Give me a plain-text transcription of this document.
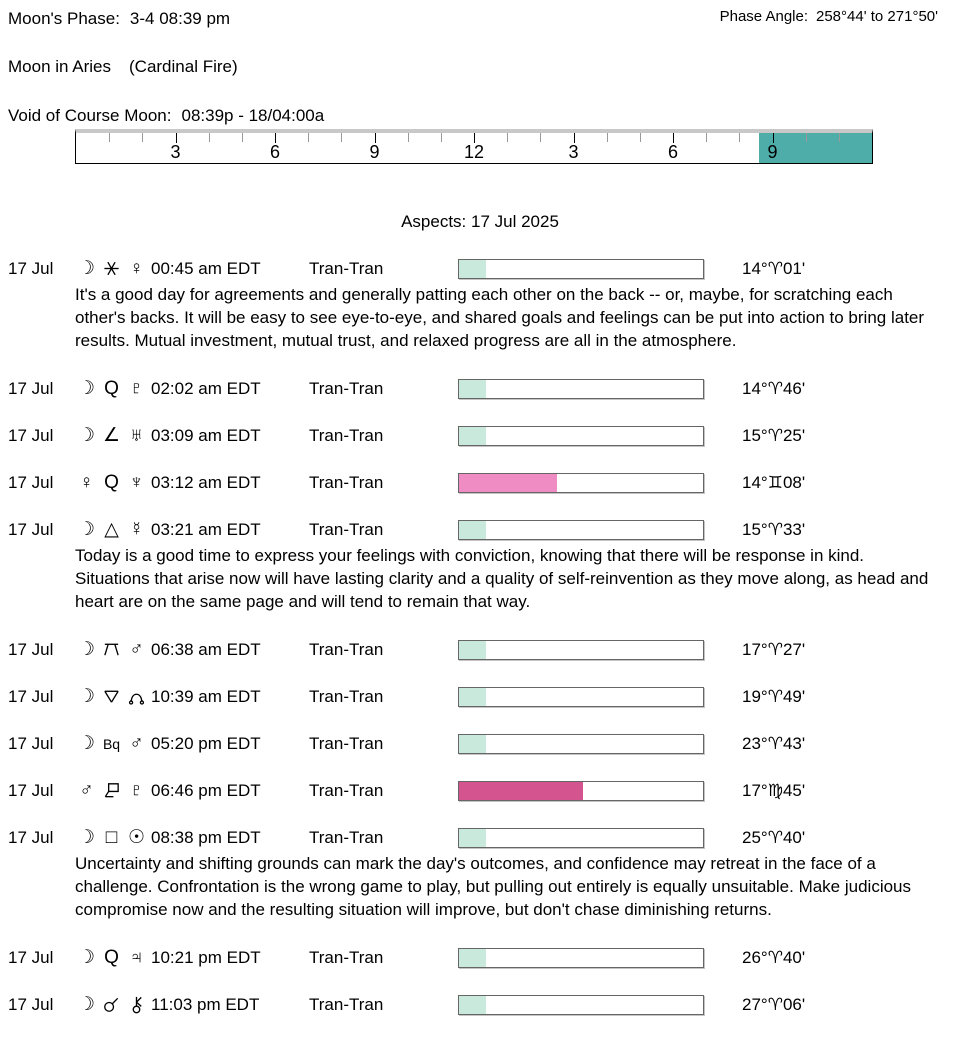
Moon's Phase: 3-4 08:39 pm	Phase Angle: 258°44' to 271°50'
Moon in Aries (Cardinal Fire)
Void of Course Moon: 08:39p - 18/04:00a
3	6	9	12	3	6	9
Aspects: 17 Jul 2025
17 Jul	☽ ♀ 00:45 am EDT	Tran-Tran	14°♈01'
It's a good day for agreements and generally patting each other on the back -- or, maybe, for scratching each other's backs. It will be easy to see eye-to-eye, and shared goals and feelings can be put into action to bring later results. Mutual investment, mutual trust, and relaxed progress are all in the atmosphere.
17 Jul	☽ Q ♇ 02:02 am EDT	Tran-Tran	14°♈46'
17 Jul	☽ ∠ ♅ 03:09 am EDT	Tran-Tran	15°♈25'
17 Jul	♀ Q ♆ 03:12 am EDT	Tran-Tran	14°♊08'
17 Jul	☽ △ ☿ 03:21 am EDT	Tran-Tran	15°♈33'
Today is a good time to express your feelings with conviction, knowing that there will be response in kind. Situations that arise now will have lasting clarity and a quality of self-reinvention as they move along, as head and heart are on the same page and will tend to remain that way.
17 Jul	☽ ♂ 06:38 am EDT	Tran-Tran	17°♈27'
17 Jul	☽	10:39 am EDT	Tran-Tran	19°♈49'
17 Jul	☽ Bq ♂ 05:20 pm EDT	Tran-Tran	23°♈43'
17 Jul	♂ ♇ 06:46 pm EDT	Tran-Tran	17°♍45'
17 Jul	☽ □ ☉ 08:38 pm EDT	Tran-Tran	25°♈40'
Uncertainty and shifting grounds can mark the day's outcomes, and confidence may retreat in the face of a challenge. Confrontation is the wrong game to play, but pulling out entirely is equally unsuitable. Make judicious compromise now and the resulting situation will improve, but don't chase diminishing returns.
17 Jul	☽ Q ♃ 10:21 pm EDT	Tran-Tran	26°♈40'
17 Jul	☽	11:03 pm EDT	Tran-Tran	27°♈06'
